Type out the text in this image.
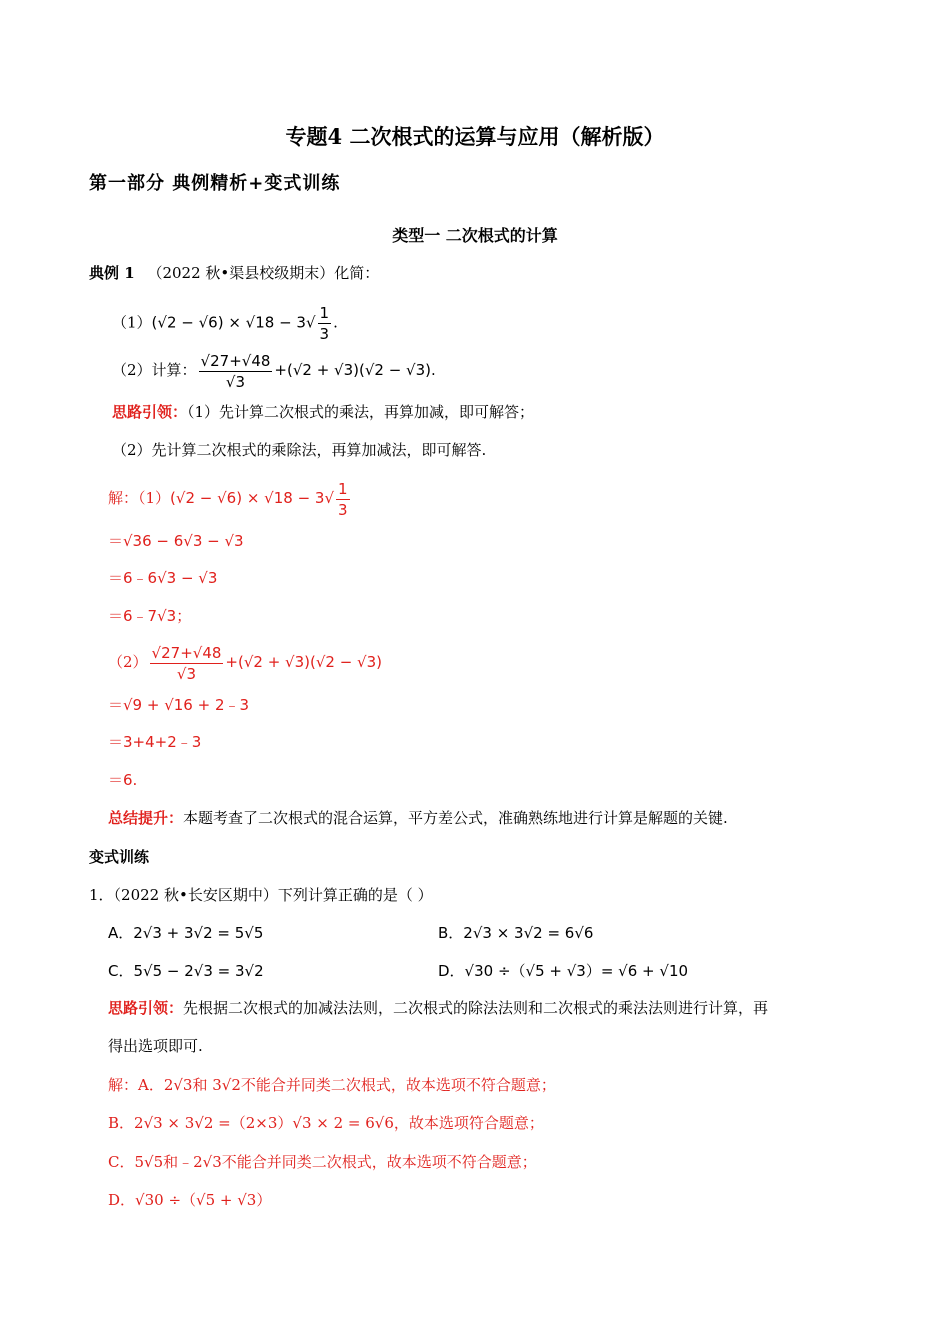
专题4 二次根式的运算与应用（解析版）
第一部分 典例精析+变式训练
类型一 二次根式的计算
典例 1 （2022 秋•渠县校级期末）化简：
$(1)(√2 - √6) \times √18 - 3√ \frac{1}{3}$ .
（2）计算： $\frac{√27+√48}{√3} +(√2 + √3)(√2 - √3)$.
思路引领：（1）先计算二次根式的乘法，再算加减，即可解答；
（2）先计算二次根式的乘除法，再算加减法，即可解答.
解：$(1)(√2 - √6) \times √18 - 3√ \frac{1}{3}$
＝√36 − 6√3 − √3
＝6﹣6√3 − √3
＝6﹣7√3；
$(2) \frac{√27+√48}{√3} +(√2 + √3)(√2 - √3)$
＝√9 + √16 + 2﹣3
＝3+4+2﹣3
＝6.
总结提升：本题考查了二次根式的混合运算，平方差公式，准确熟练地进行计算是解题的关键.
变式训练
1．（2022 秋•长安区期中）下列计算正确的是（ ）
A．2√3 + 3√2 = 5√5	B．2√3 × 3√2 = 6√6
C．5√5 − 2√3 = 3√2	D．√30 ÷（√5 + √3）= √6 + √10
思路引领：先根据二次根式的加减法法则，二次根式的除法法则和二次根式的乘法法则进行计算，再
得出选项即可.
解：A．2√3和 3√2不能合并同类二次根式，故本选项不符合题意；
B．2√3 × 3√2 =（2×3）√3 × 2 = 6√6，故本选项符合题意；
C．5√5和﹣2√3不能合并同类二次根式，故本选项不符合题意；
D．√30 ÷（√5 + √3）
